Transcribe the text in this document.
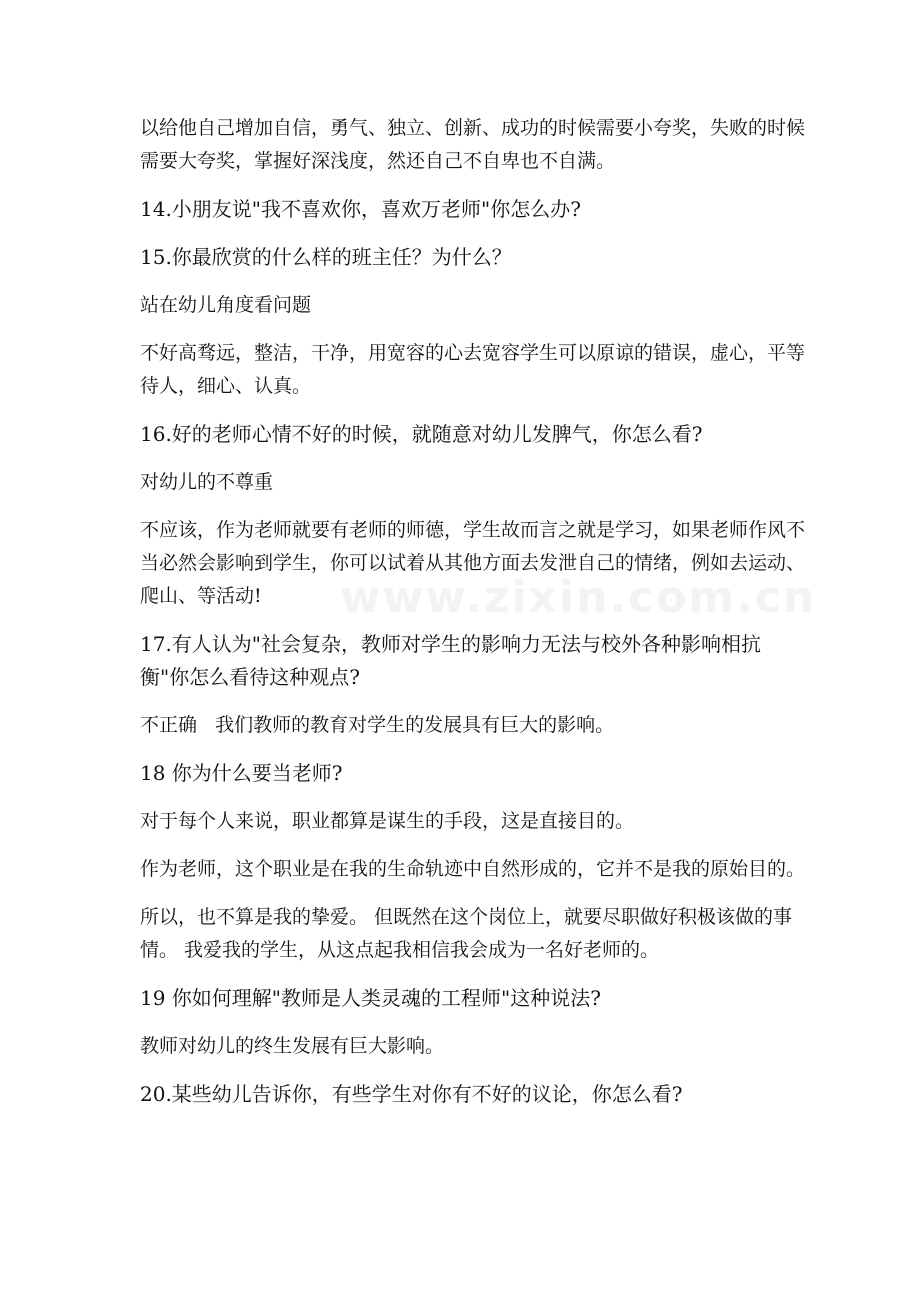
www.zixin.com.cn

以给他自己增加自信，勇气、独立、创新、成功的时候需要小夸奖，失败的时候需要大夸奖，掌握好深浅度，然还自己不自卑也不自满。

14.小朋友说"我不喜欢你，喜欢万老师"你怎么办?

15.你最欣赏的什么样的班主任？为什么？

站在幼儿角度看问题

不好高骛远，整洁，干净，用宽容的心去宽容学生可以原谅的错误，虚心，平等待人，细心、认真。

16.好的老师心情不好的时候，就随意对幼儿发脾气，你怎么看?

对幼儿的不尊重

不应该，作为老师就要有老师的师德，学生故而言之就是学习，如果老师作风不当必然会影响到学生，你可以试着从其他方面去发泄自己的情绪，例如去运动、爬山、等活动!

17.有人认为"社会复杂，教师对学生的影响力无法与校外各种影响相抗衡"你怎么看待这种观点?

不正确   我们教师的教育对学生的发展具有巨大的影响。

18 你为什么要当老师?

对于每个人来说，职业都算是谋生的手段，这是直接目的。

作为老师，这个职业是在我的生命轨迹中自然形成的，它并不是我的原始目的。

所以，也不算是我的挚爱。 但既然在这个岗位上，就要尽职做好积极该做的事情。 我爱我的学生，从这点起我相信我会成为一名好老师的。

19 你如何理解"教师是人类灵魂的工程师"这种说法?

教师对幼儿的终生发展有巨大影响。

20.某些幼儿告诉你，有些学生对你有不好的议论，你怎么看?
